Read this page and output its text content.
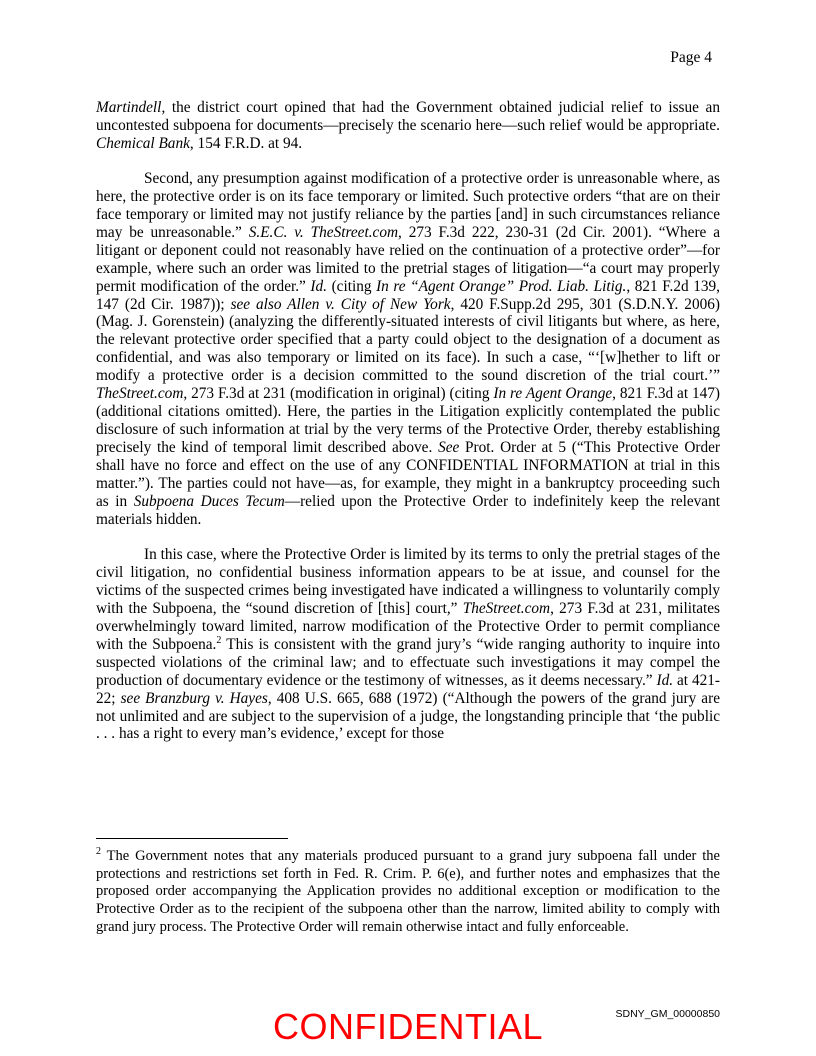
Page 4

Martindell, the district court opined that had the Government obtained judicial relief to issue an uncontested subpoena for documents—precisely the scenario here—such relief would be appropriate. Chemical Bank, 154 F.R.D. at 94.

Second, any presumption against modification of a protective order is unreasonable where, as here, the protective order is on its face temporary or limited. Such protective orders “that are on their face temporary or limited may not justify reliance by the parties [and] in such circumstances reliance may be unreasonable.” S.E.C. v. TheStreet.com, 273 F.3d 222, 230-31 (2d Cir. 2001). “Where a litigant or deponent could not reasonably have relied on the continuation of a protective order”—for example, where such an order was limited to the pretrial stages of litigation—“a court may properly permit modification of the order.” Id. (citing In re “Agent Orange” Prod. Liab. Litig., 821 F.2d 139, 147 (2d Cir. 1987)); see also Allen v. City of New York, 420 F.Supp.2d 295, 301 (S.D.N.Y. 2006) (Mag. J. Gorenstein) (analyzing the differently-situated interests of civil litigants but where, as here, the relevant protective order specified that a party could object to the designation of a document as confidential, and was also temporary or limited on its face). In such a case, “‘[w]hether to lift or modify a protective order is a decision committed to the sound discretion of the trial court.’” TheStreet.com, 273 F.3d at 231 (modification in original) (citing In re Agent Orange, 821 F.3d at 147) (additional citations omitted). Here, the parties in the Litigation explicitly contemplated the public disclosure of such information at trial by the very terms of the Protective Order, thereby establishing precisely the kind of temporal limit described above. See Prot. Order at 5 (“This Protective Order shall have no force and effect on the use of any CONFIDENTIAL INFORMATION at trial in this matter.”). The parties could not have—as, for example, they might in a bankruptcy proceeding such as in Subpoena Duces Tecum—relied upon the Protective Order to indefinitely keep the relevant materials hidden.

In this case, where the Protective Order is limited by its terms to only the pretrial stages of the civil litigation, no confidential business information appears to be at issue, and counsel for the victims of the suspected crimes being investigated have indicated a willingness to voluntarily comply with the Subpoena, the “sound discretion of [this] court,” TheStreet.com, 273 F.3d at 231, militates overwhelmingly toward limited, narrow modification of the Protective Order to permit compliance with the Subpoena.$^2$ This is consistent with the grand jury’s “wide ranging authority to inquire into suspected violations of the criminal law; and to effectuate such investigations it may compel the production of documentary evidence or the testimony of witnesses, as it deems necessary.” Id. at 421-22; see Branzburg v. Hayes, 408 U.S. 665, 688 (1972) (“Although the powers of the grand jury are not unlimited and are subject to the supervision of a judge, the longstanding principle that ‘the public . . . has a right to every man’s evidence,’ except for those

$^2$ The Government notes that any materials produced pursuant to a grand jury subpoena fall under the protections and restrictions set forth in Fed. R. Crim. P. 6(e), and further notes and emphasizes that the proposed order accompanying the Application provides no additional exception or modification to the Protective Order as to the recipient of the subpoena other than the narrow, limited ability to comply with grand jury process. The Protective Order will remain otherwise intact and fully enforceable.

SDNY_GM_00000850
CONFIDENTIAL
